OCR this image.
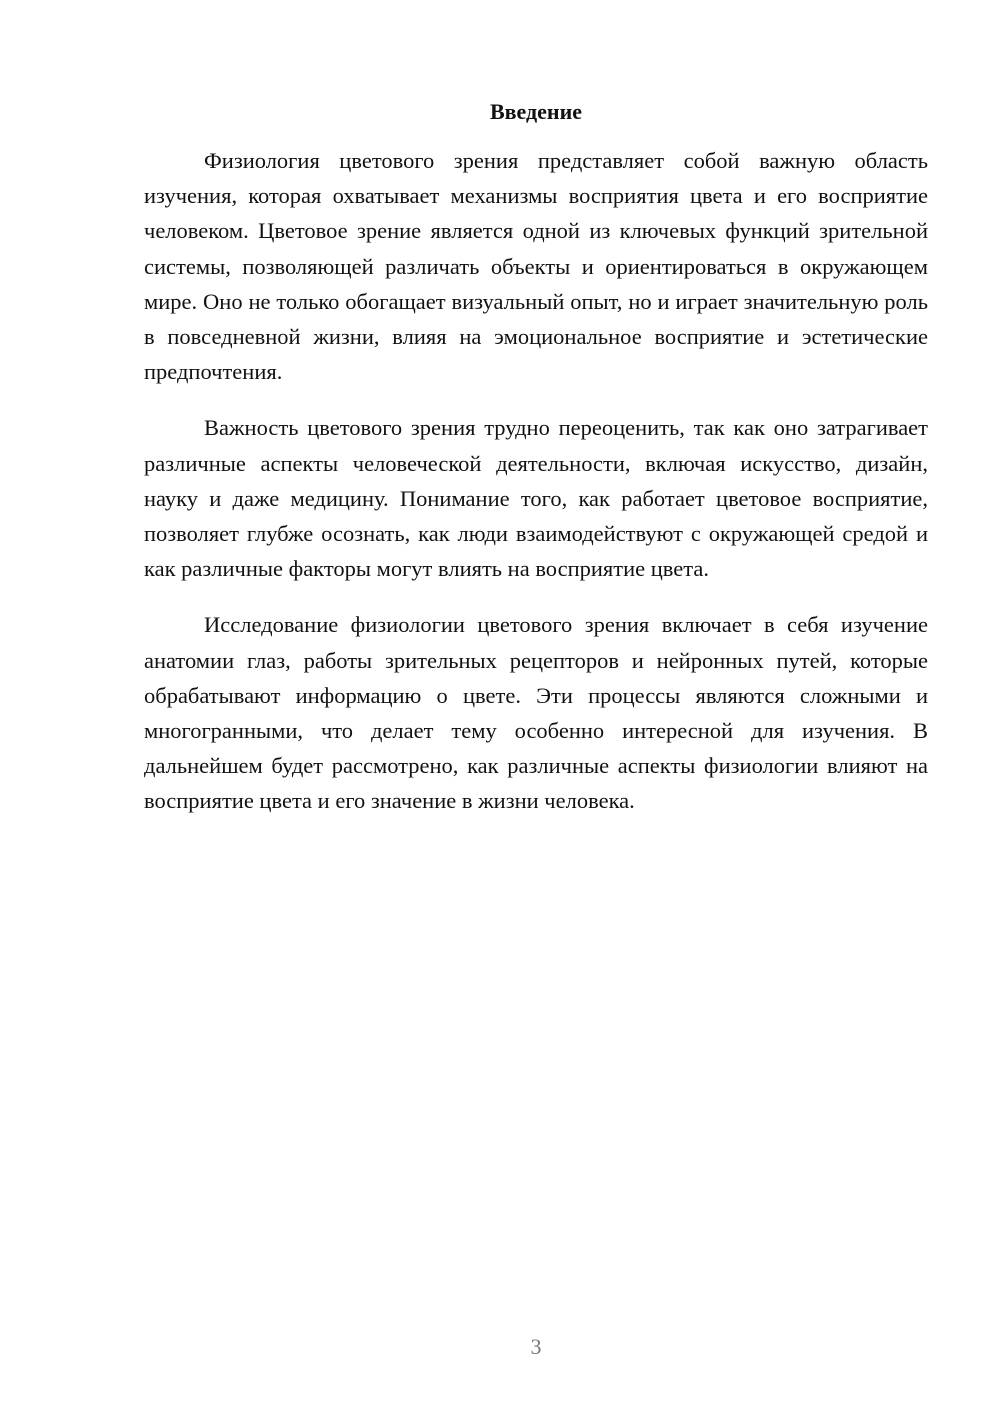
Введение

Физиология цветового зрения представляет собой важную область изучения, которая охватывает механизмы восприятия цвета и его восприятие человеком. Цветовое зрение является одной из ключевых функций зрительной системы, позволяющей различать объекты и ориентироваться в окружающем мире. Оно не только обогащает визуальный опыт, но и играет значительную роль в повседневной жизни, влияя на эмоциональное восприятие и эстетические предпочтения.

Важность цветового зрения трудно переоценить, так как оно затрагивает различные аспекты человеческой деятельности, включая искусство, дизайн, науку и даже медицину. Понимание того, как работает цветовое восприятие, позволяет глубже осознать, как люди взаимодействуют с окружающей средой и как различные факторы могут влиять на восприятие цвета.

Исследование физиологии цветового зрения включает в себя изучение анатомии глаз, работы зрительных рецепторов и нейронных путей, которые обрабатывают информацию о цвете. Эти процессы являются сложными и многогранными, что делает тему особенно интересной для изучения. В дальнейшем будет рассмотрено, как различные аспекты физиологии влияют на восприятие цвета и его значение в жизни человека.

3
